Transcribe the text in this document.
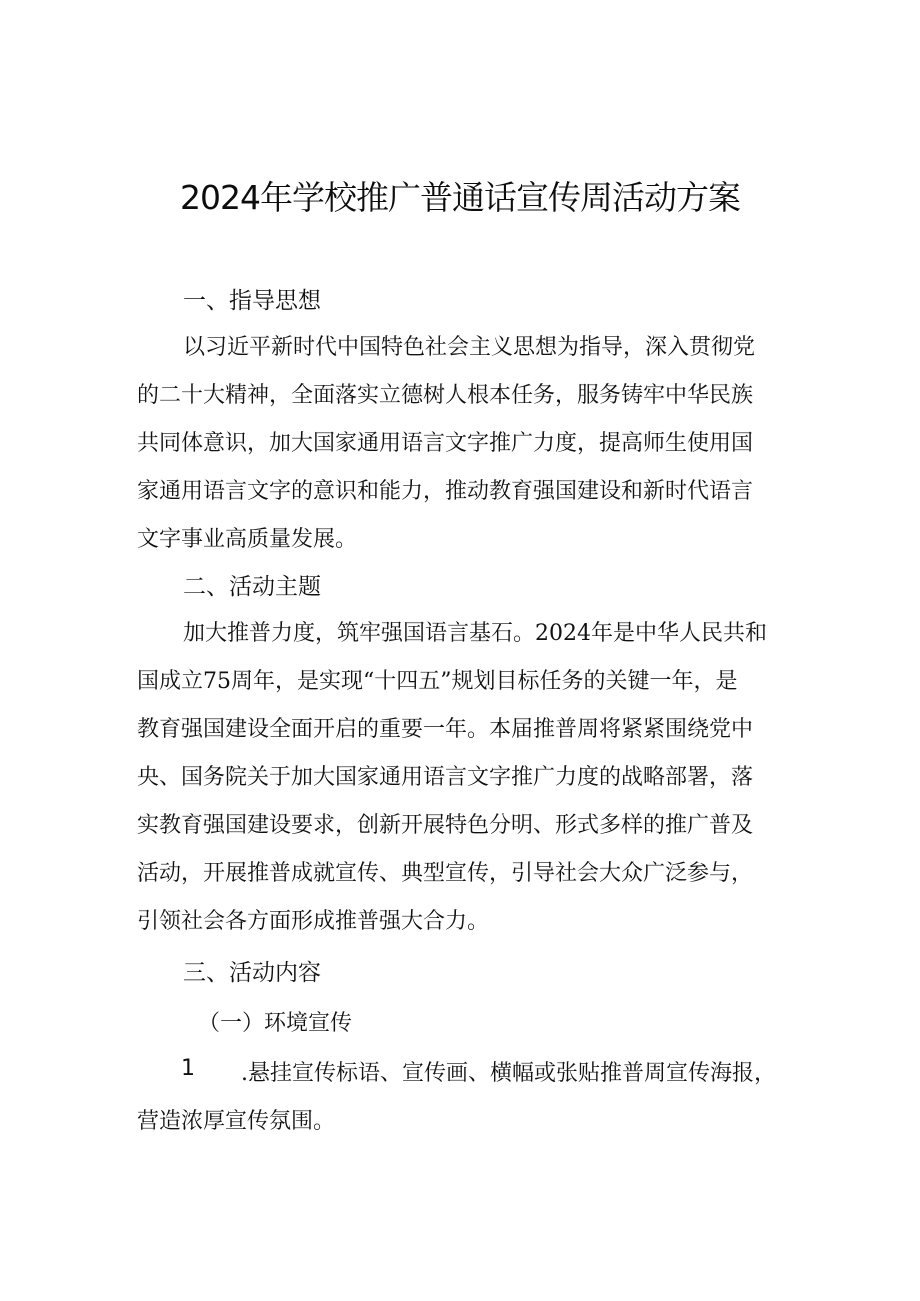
2024年学校推广普通话宣传周活动方案
一、指导思想
以习近平新时代中国特色社会主义思想为指导，深入贯彻党
的二十大精神，全面落实立德树人根本任务，服务铸牢中华民族
共同体意识，加大国家通用语言文字推广力度，提高师生使用国
家通用语言文字的意识和能力，推动教育强国建设和新时代语言
文字事业高质量发展。
二、活动主题
加大推普力度，筑牢强国语言基石。2024年是中华人民共和
国成立75周年，是实现“十四五”规划目标任务的关键一年，是
教育强国建设全面开启的重要一年。本届推普周将紧紧围绕党中
央、国务院关于加大国家通用语言文字推广力度的战略部署，落
实教育强国建设要求，创新开展特色分明、形式多样的推广普及
活动，开展推普成就宣传、典型宣传，引导社会大众广泛参与，
引领社会各方面形成推普强大合力。
三、活动内容
（一）环境宣传
1 .悬挂宣传标语、宣传画、横幅或张贴推普周宣传海报，
营造浓厚宣传氛围。
